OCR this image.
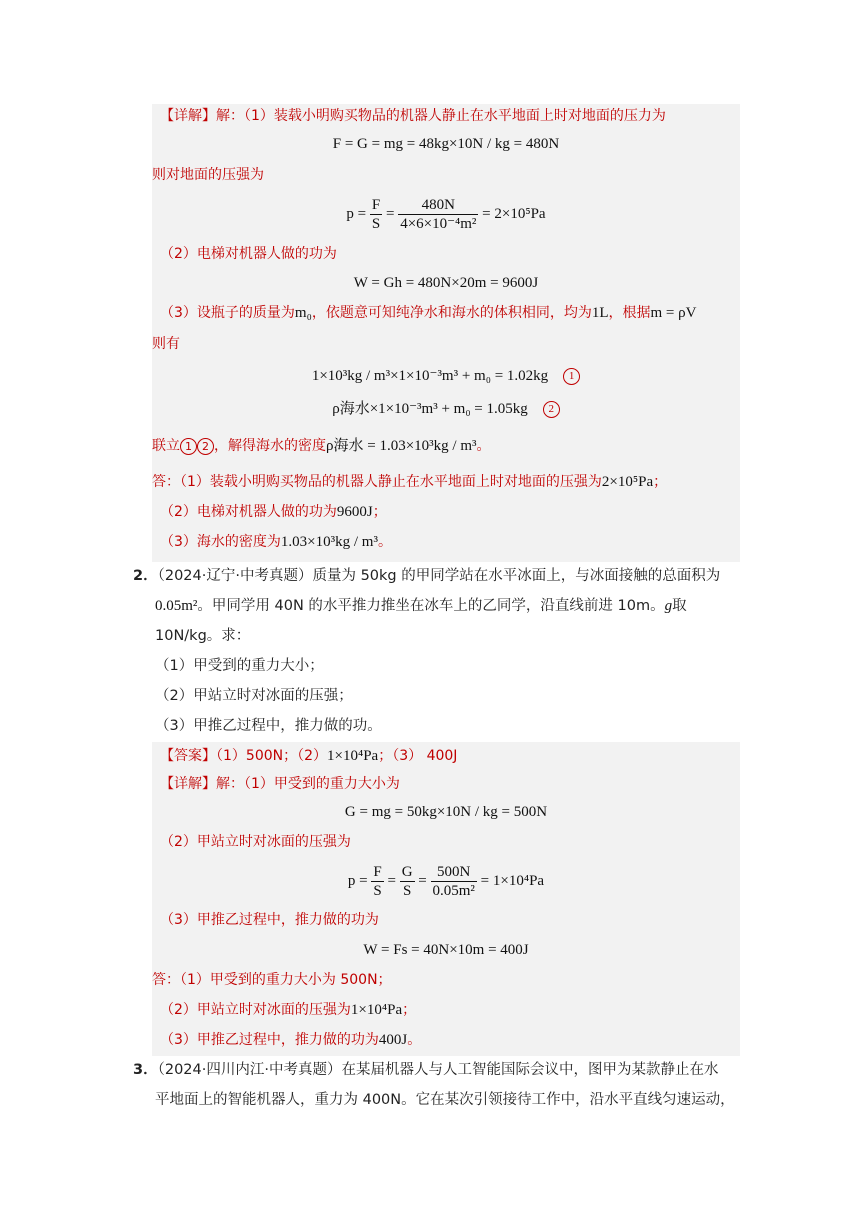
【详解】解：（1）装载小明购买物品的机器人静止在水平地面上时对地面的压力为
F = G = mg = 48kg×10N / kg = 480N
则对地面的压强为
$p = \frac{F}{S} = \frac{480N}{\text{4×6×10⁻⁴m²}} = 2\times 10^5Pa$
（2）电梯对机器人做的功为
W = Gh = 480N×20m = 9600J
（3）设瓶子的质量为m₀，依题意可知纯净水和海水的体积相同，均为1L，根据m = ρV
则有
1×10³kg / m³×1×10⁻³m³ + m₀ = 1.02kg 1
ρ海水×1×10⁻³m³ + m₀ = 1.05kg 2
联立 1 2 ，解得海水的密度ρ海水 = 1.03×10³kg / m³。
答：（1）装载小明购买物品的机器人静止在水平地面上时对地面的压强为2×10⁵Pa；
（2）电梯对机器人做的功为9600J；
（3）海水的密度为1.03×10³kg / m³。
2．（2024·辽宁·中考真题）质量为 50kg 的甲同学站在水平冰面上，与冰面接触的总面积为
0.05m²。甲同学用 40N 的水平推力推坐在冰车上的乙同学，沿直线前进 10m。g取
10N/kg。求：
（1）甲受到的重力大小；
（2）甲站立时对冰面的压强；
（3）甲推乙过程中，推力做的功。
【答案】（1）500N；（2）1×10⁴Pa；（3） 400J
【详解】解：（1）甲受到的重力大小为
G = mg = 50kg×10N / kg = 500N
（2）甲站立时对冰面的压强为
$p = \frac{F}{S} = \frac{G}{S} = \frac{500N}{\text{0.05m²}} = 1\times 10^4Pa$
（3）甲推乙过程中，推力做的功为
W = Fs = 40N×10m = 400J
答：（1）甲受到的重力大小为 500N；
（2）甲站立时对冰面的压强为1×10⁴Pa；
（3）甲推乙过程中，推力做的功为400J。
3．（2024·四川内江·中考真题）在某届机器人与人工智能国际会议中，图甲为某款静止在水
平地面上的智能机器人，重力为 400N。它在某次引领接待工作中，沿水平直线匀速运动，
